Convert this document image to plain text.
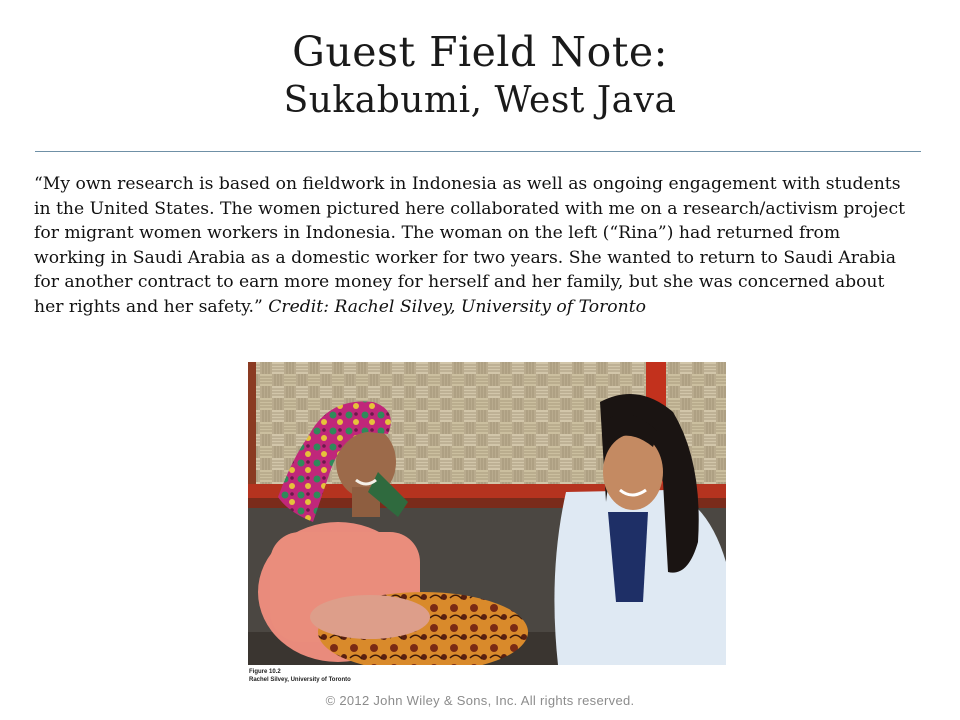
Guest Field Note:
Sukabumi, West Java
“My own research is based on fieldwork in Indonesia as well as ongoing engagement with students in the United States. The women pictured here collaborated with me on a research/activism project for migrant women workers in Indonesia. The woman on the left (“Rina”) had returned from working in Saudi Arabia as a domestic worker for two years. She wanted to return to Saudi Arabia for another contract to earn more money for herself and her family, but she was concerned about her rights and her safety.” Credit: Rachel Silvey, University of Toronto
Figure 10.2
Rachel Silvey, University of Toronto
© 2012 John Wiley & Sons, Inc. All rights reserved.
